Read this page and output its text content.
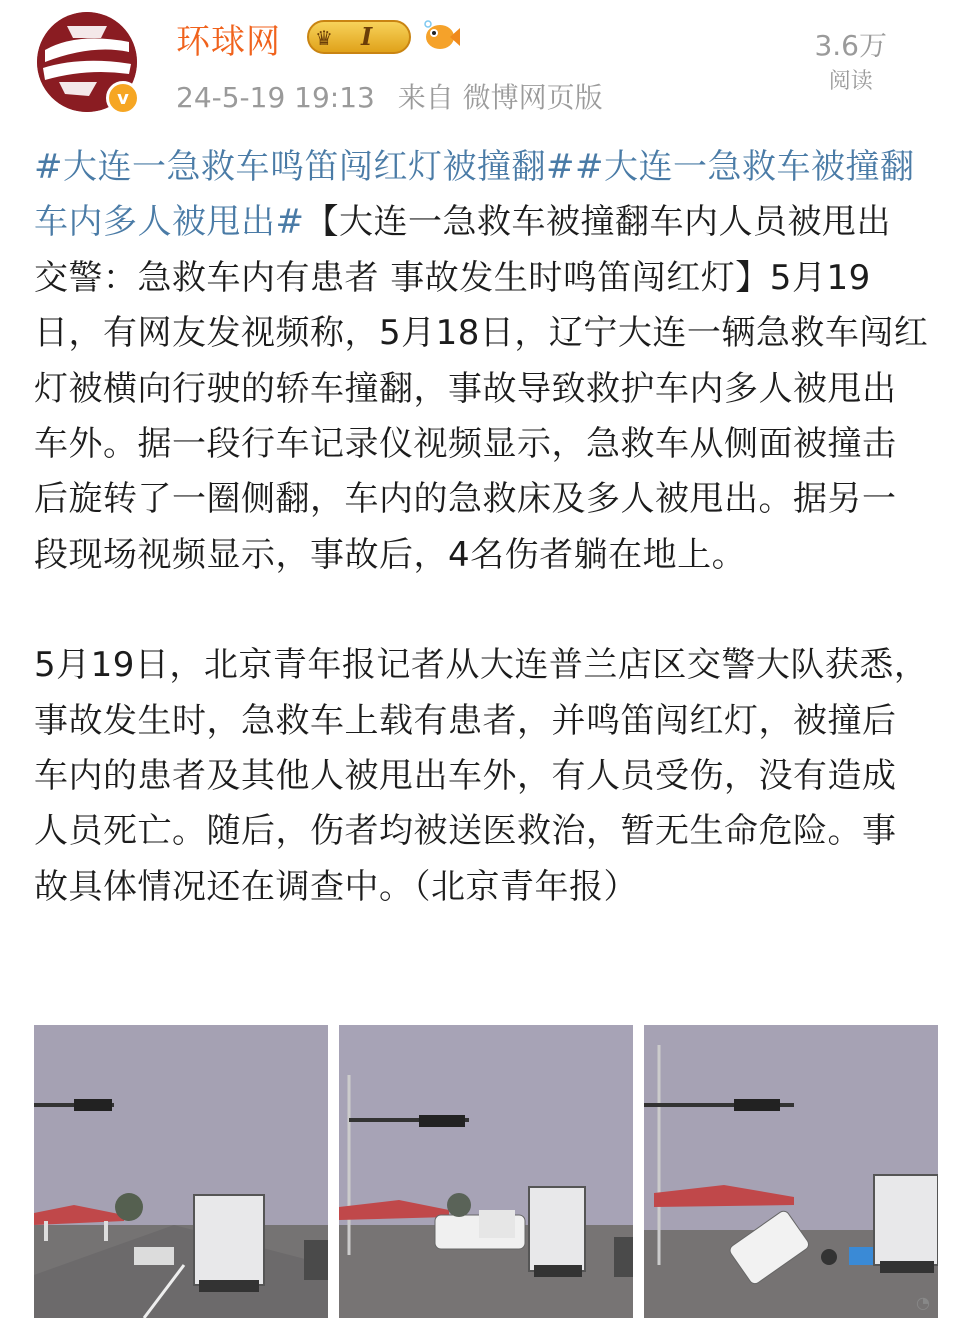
v
环球网 ♛ I
24-5-19 19:13 来自 微博网页版
3.6万
阅读

#大连一急救车鸣笛闯红灯被撞翻##大连一急救车被撞翻车内多人被甩出#【大连一急救车被撞翻车内人员被甩出 交警：急救车内有患者 事故发生时鸣笛闯红灯】5月19日，有网友发视频称，5月18日，辽宁大连一辆急救车闯红灯被横向行驶的轿车撞翻，事故导致救护车内多人被甩出车外。据一段行车记录仪视频显示，急救车从侧面被撞击后旋转了一圈侧翻，车内的急救床及多人被甩出。据另一段现场视频显示，事故后，4名伤者躺在地上。

5月19日，北京青年报记者从大连普兰店区交警大队获悉，事故发生时，急救车上载有患者，并鸣笛闯红灯，被撞后车内的患者及其他人被甩出车外，有人员受伤，没有造成人员死亡。随后，伤者均被送医救治，暂无生命危险。事故具体情况还在调查中。（北京青年报）

◔
